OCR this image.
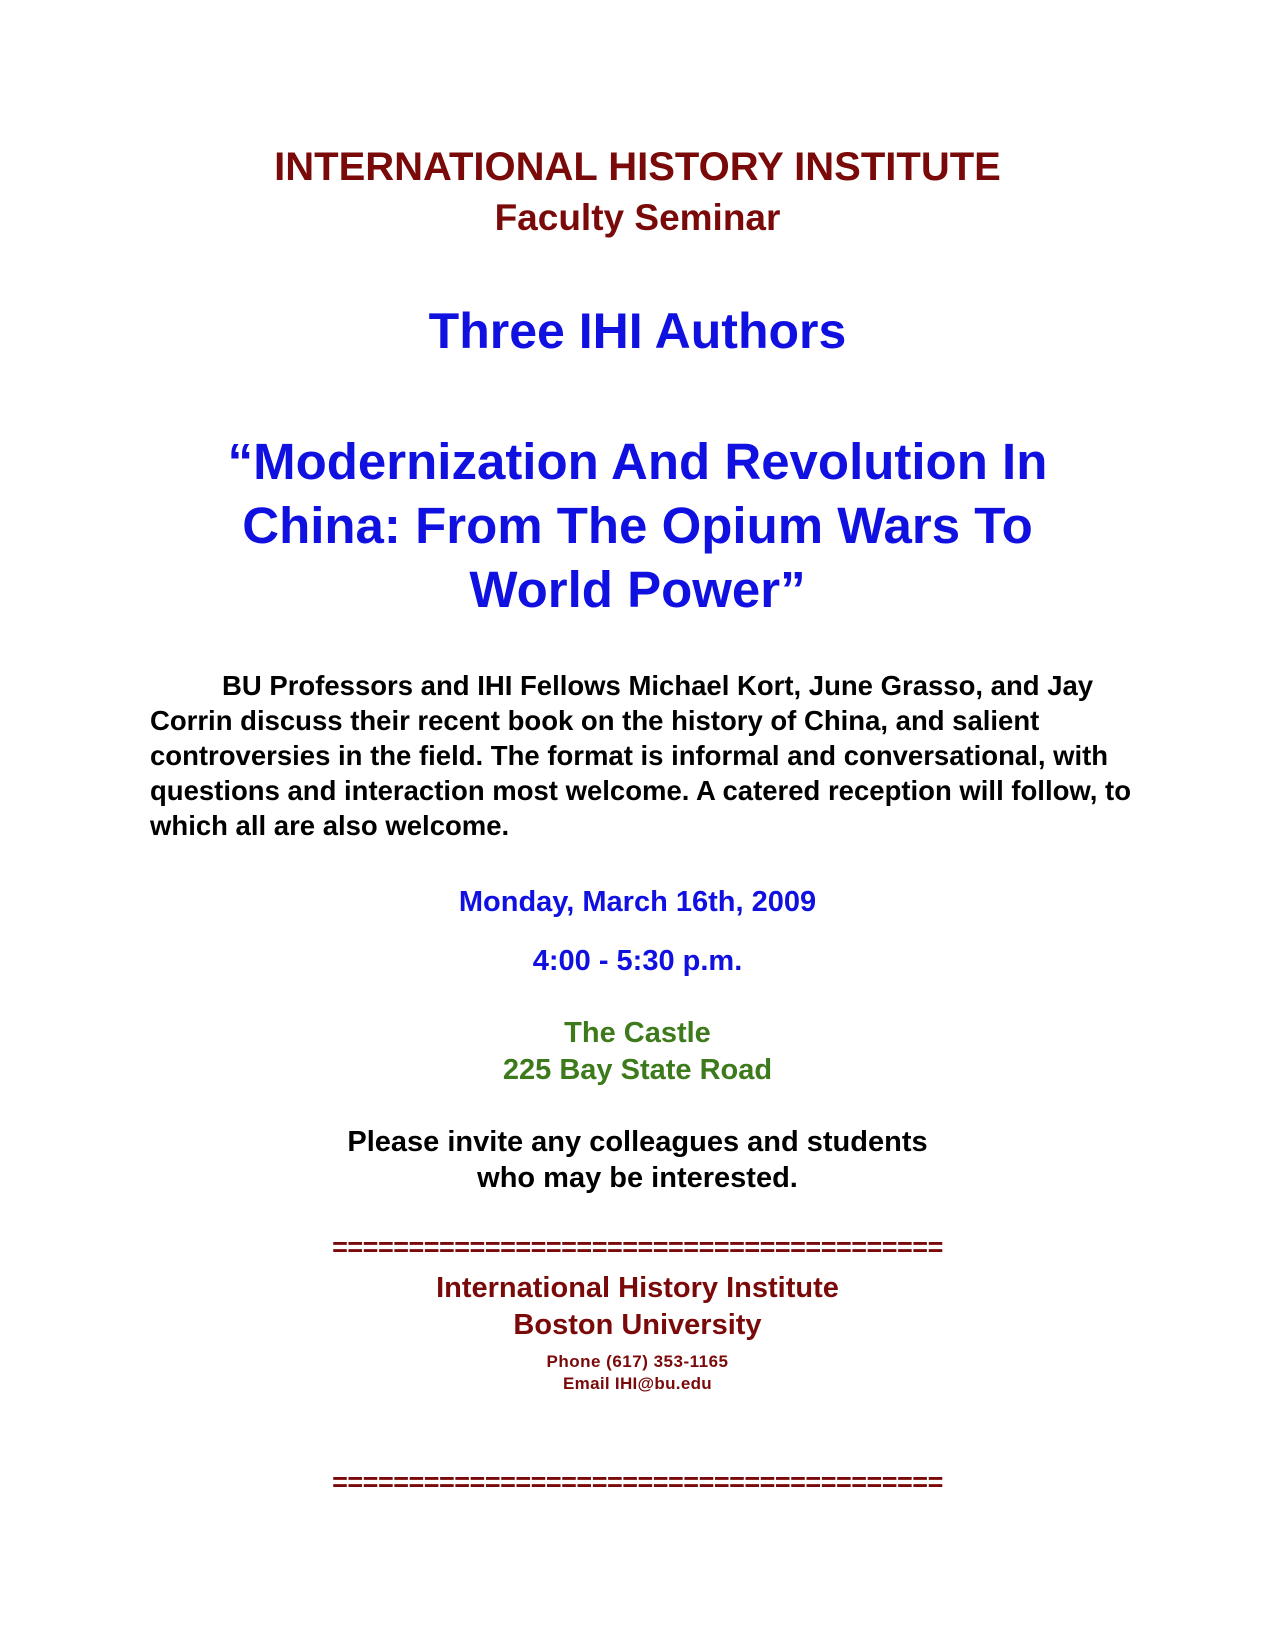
INTERNATIONAL HISTORY INSTITUTE

Faculty Seminar

Three IHI Authors

“Modernization And Revolution In
China: From The Opium Wars To
World Power”

BU Professors and IHI Fellows Michael Kort, June Grasso, and Jay Corrin discuss their recent book on the history of China, and salient controversies in the field. The format is informal and conversational, with questions and interaction most welcome. A catered reception will follow, to which all are also welcome.

Monday, March 16th, 2009

4:00 - 5:30 p.m.

The Castle

225 Bay State Road

Please invite any colleagues and students

who may be interested.

========================================

International History Institute

Boston University

Phone (617) 353-1165

Email IHI@bu.edu

========================================
